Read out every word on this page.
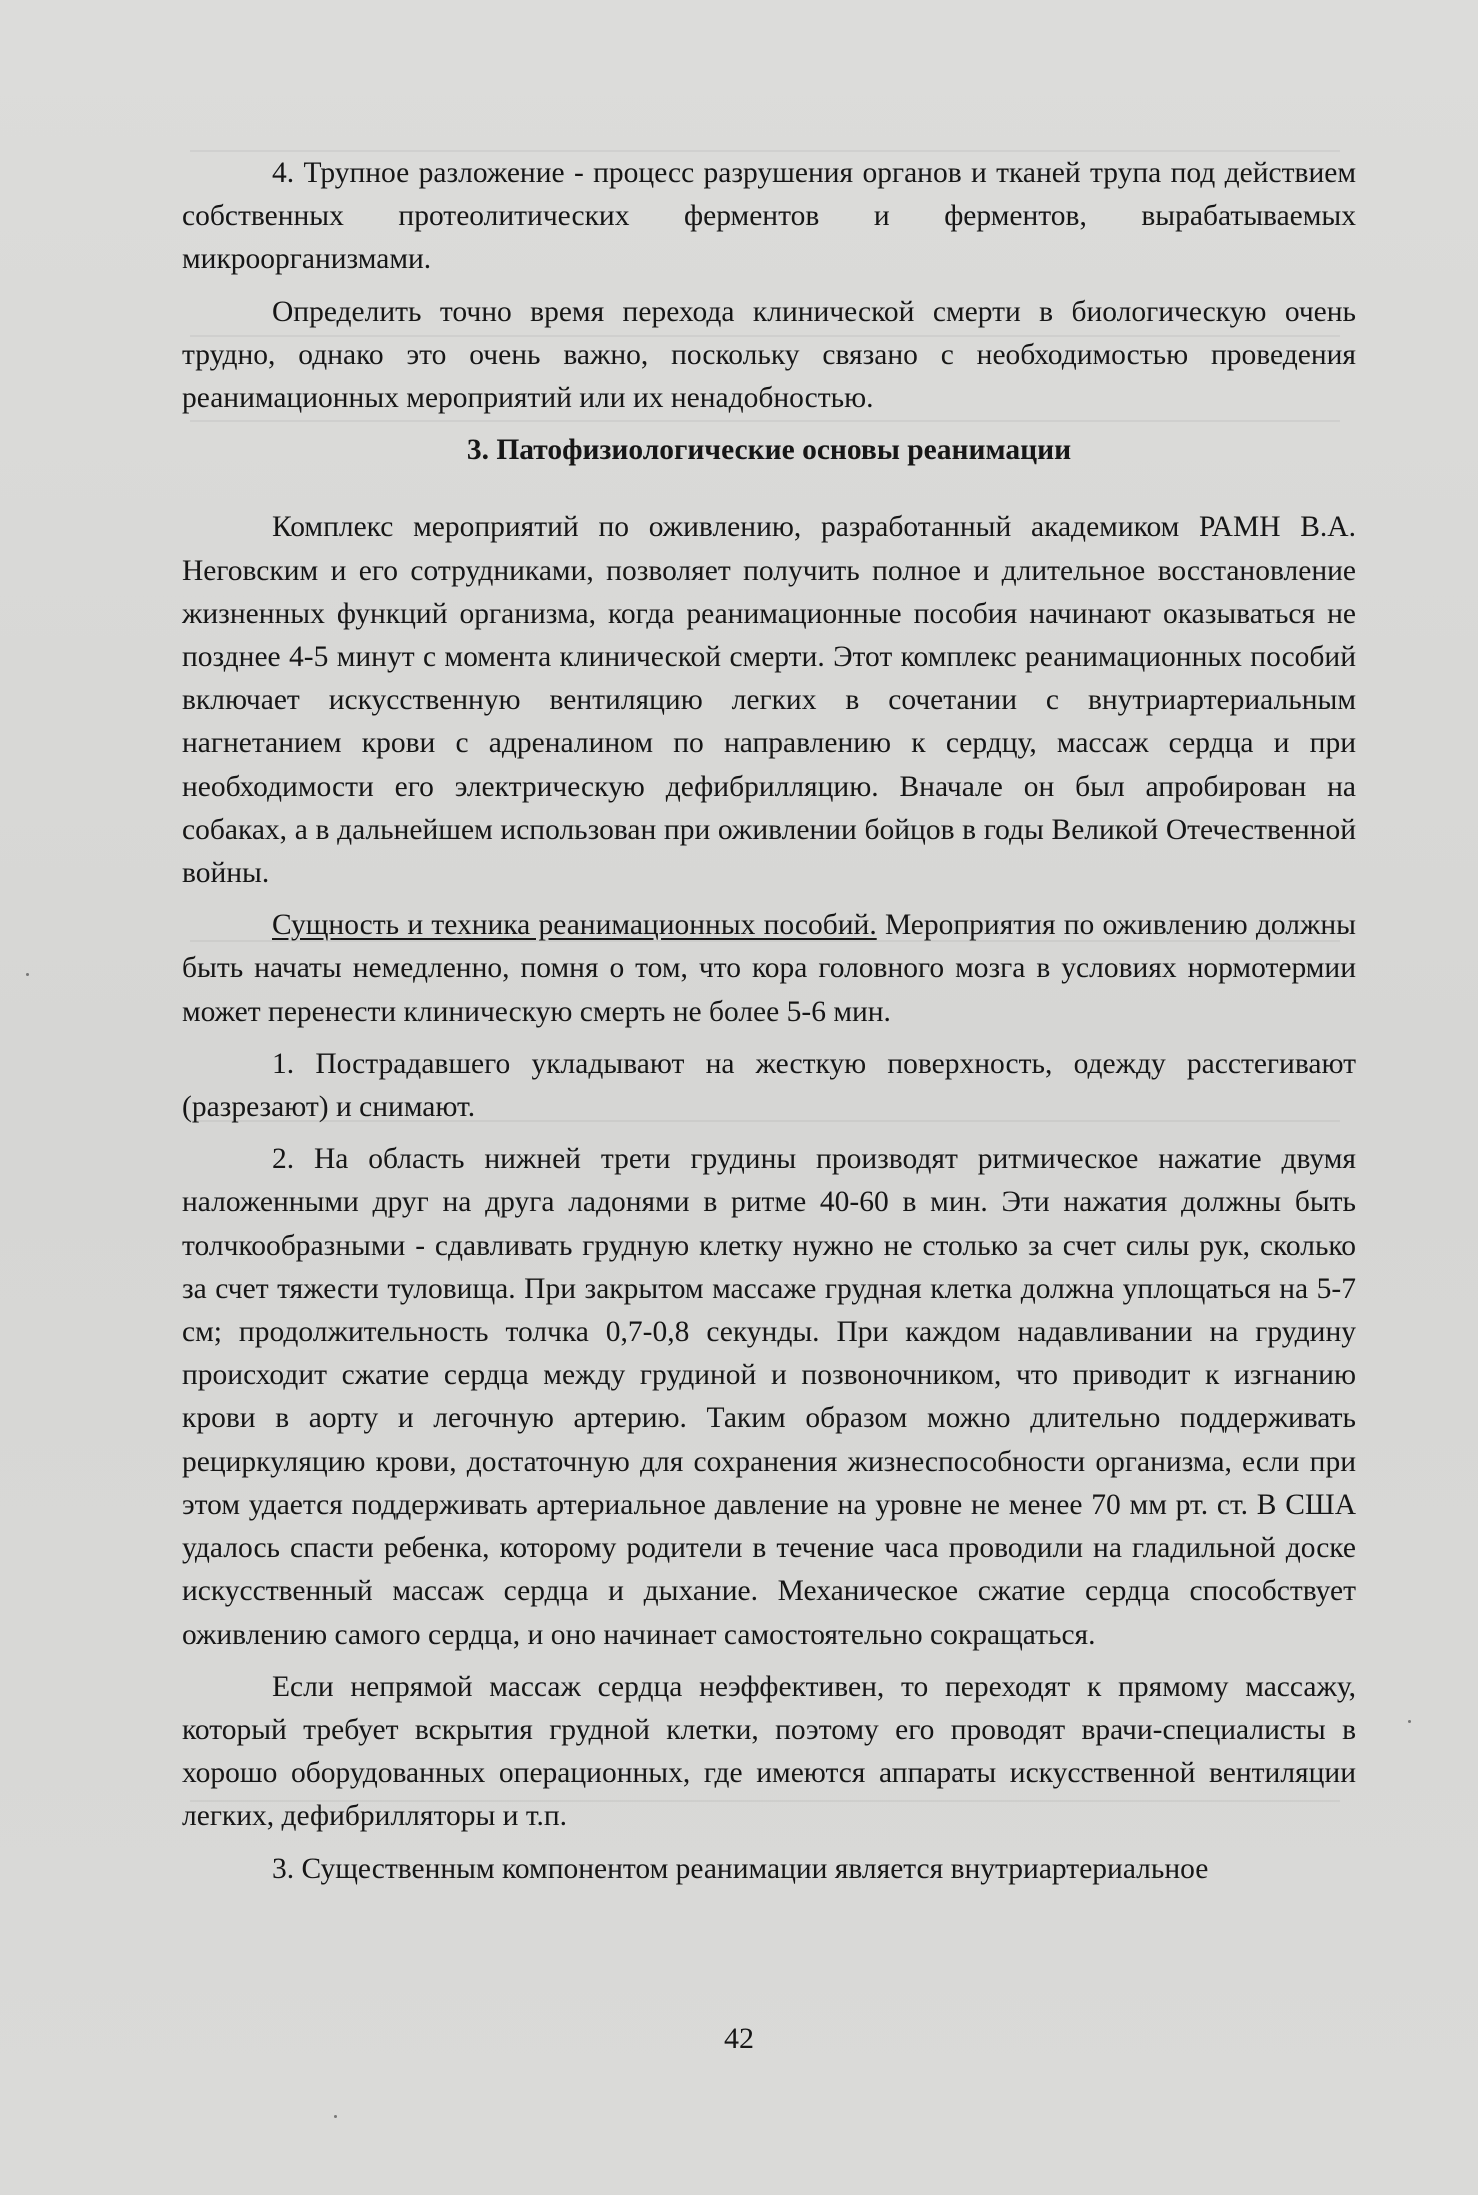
4. Трупное разложение - процесс разрушения органов и тканей трупа под действием собственных протеолитических ферментов и ферментов, вырабатываемых микроорганизмами.

Определить точно время перехода клинической смерти в биологическую очень трудно, однако это очень важно, поскольку связано с необходимостью проведения реанимационных мероприятий или их ненадобностью.

3. Патофизиологические основы реанимации

Комплекс мероприятий по оживлению, разработанный академиком РАМН В.А. Неговским и его сотрудниками, позволяет получить полное и длительное восстановление жизненных функций организма, когда реанимационные пособия начинают оказываться не позднее 4-5 минут с момента клинической смерти. Этот комплекс реанимационных пособий включает искусственную вентиляцию легких в сочетании с внутриартериальным нагнетанием крови с адреналином по направлению к сердцу, массаж сердца и при необходимости его электрическую дефибрилляцию. Вначале он был апробирован на собаках, а в дальнейшем использован при оживлении бойцов в годы Великой Отечественной войны.

Сущность и техника реанимационных пособий. Мероприятия по оживлению должны быть начаты немедленно, помня о том, что кора головного мозга в условиях нормотермии может перенести клиническую смерть не более 5-6 мин.

1. Пострадавшего укладывают на жесткую поверхность, одежду расстегивают (разрезают) и снимают.

2. На область нижней трети грудины производят ритмическое нажатие двумя наложенными друг на друга ладонями в ритме 40-60 в мин. Эти нажатия должны быть толчкообразными - сдавливать грудную клетку нужно не столько за счет силы рук, сколько за счет тяжести туловища. При закрытом массаже грудная клетка должна уплощаться на 5-7 см; продолжительность толчка 0,7-0,8 секунды. При каждом надавливании на грудину происходит сжатие сердца между грудиной и позвоночником, что приводит к изгнанию крови в аорту и легочную артерию. Таким образом можно длительно поддерживать рециркуляцию крови, достаточную для сохранения жизнеспособности организма, если при этом удается поддерживать артериальное давление на уровне не менее 70 мм рт. ст. В США удалось спасти ребенка, которому родители в течение часа проводили на гладильной доске искусственный массаж сердца и дыхание. Механическое сжатие сердца способствует оживлению самого сердца, и оно начинает самостоятельно сокращаться.

Если непрямой массаж сердца неэффективен, то переходят к прямому массажу, который требует вскрытия грудной клетки, поэтому его проводят врачи-специалисты в хорошо оборудованных операционных, где имеются аппараты искусственной вентиляции легких, дефибрилляторы и т.п.

3. Существенным компонентом реанимации является внутриартериальное

42
